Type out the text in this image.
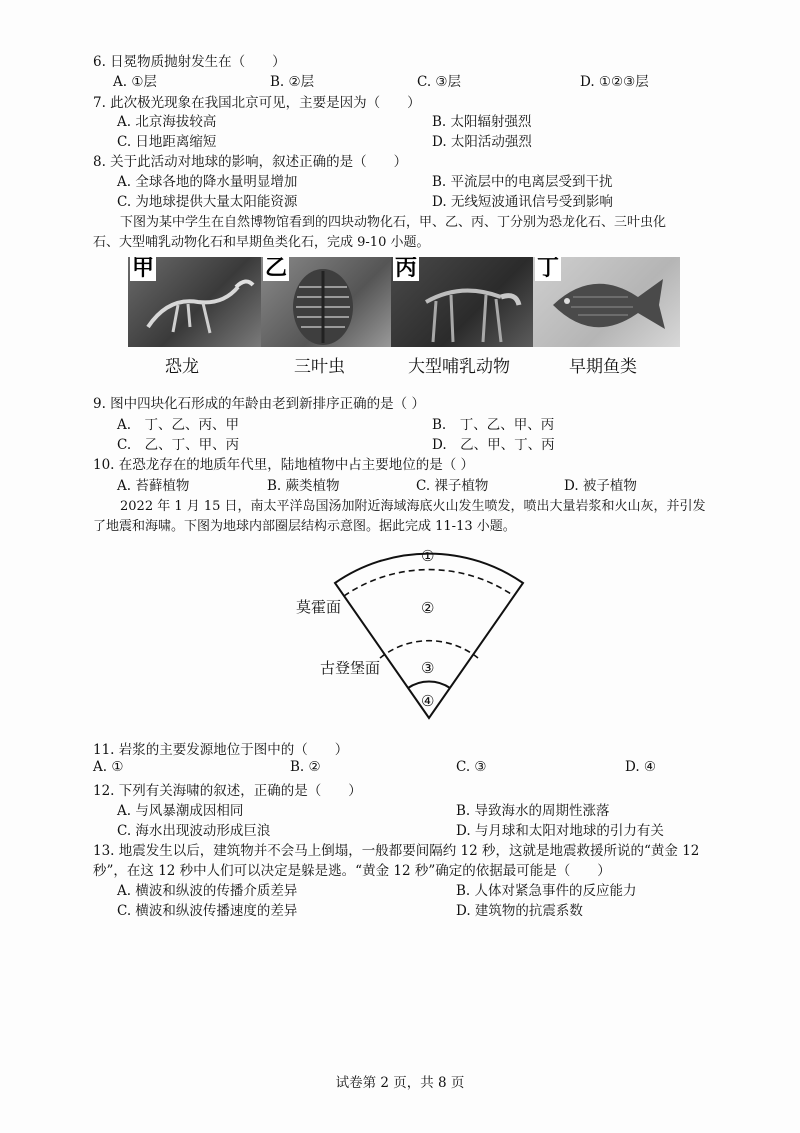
6. 日冕物质抛射发生在（　　）
A. ①层	B. ②层	C. ③层	D. ①②③层
7. 此次极光现象在我国北京可见，主要是因为（　　）
A. 北京海拔较高	B. 太阳辐射强烈
C. 日地距离缩短	D. 太阳活动强烈
8. 关于此活动对地球的影响，叙述正确的是（　　）
A. 全球各地的降水量明显增加	B. 平流层中的电离层受到干扰
C. 为地球提供大量太阳能资源	D. 无线短波通讯信号受到影响
下图为某中学生在自然博物馆看到的四块动物化石，甲、乙、丙、丁分别为恐龙化石、三叶虫化
石、大型哺乳动物化石和早期鱼类化石，完成 9-10 小题。
甲	乙	丙	丁
恐龙	三叶虫	大型哺乳动物	早期鱼类
9. 图中四块化石形成的年龄由老到新排序正确的是（ ）
A.　丁、乙、丙、甲	B.　丁、乙、甲、丙
C.　乙、丁、甲、丙	D.　乙、甲、丁、丙
10. 在恐龙存在的地质年代里，陆地植物中占主要地位的是（ ）
A. 苔藓植物	B. 蕨类植物	C. 裸子植物	D. 被子植物
2022 年 1 月 15 日，南太平洋岛国汤加附近海域海底火山发生喷发，喷出大量岩浆和火山灰，并引发
了地震和海啸。下图为地球内部圈层结构示意图。据此完成 11-13 小题。
①
②
③
④
莫霍面
古登堡面
11. 岩浆的主要发源地位于图中的（　　）
A. ①	B. ②	C. ③	D. ④
12. 下列有关海啸的叙述，正确的是（　　）
A. 与风暴潮成因相同	B. 导致海水的周期性涨落
C. 海水出现波动形成巨浪	D. 与月球和太阳对地球的引力有关
13. 地震发生以后，建筑物并不会马上倒塌，一般都要间隔约 12 秒，这就是地震救援所说的“黄金 12
秒”，在这 12 秒中人们可以决定是躲是逃。“黄金 12 秒”确定的依据最可能是（　　）
A. 横波和纵波的传播介质差异	B. 人体对紧急事件的反应能力
C. 横波和纵波传播速度的差异	D. 建筑物的抗震系数
试卷第 2 页，共 8 页
